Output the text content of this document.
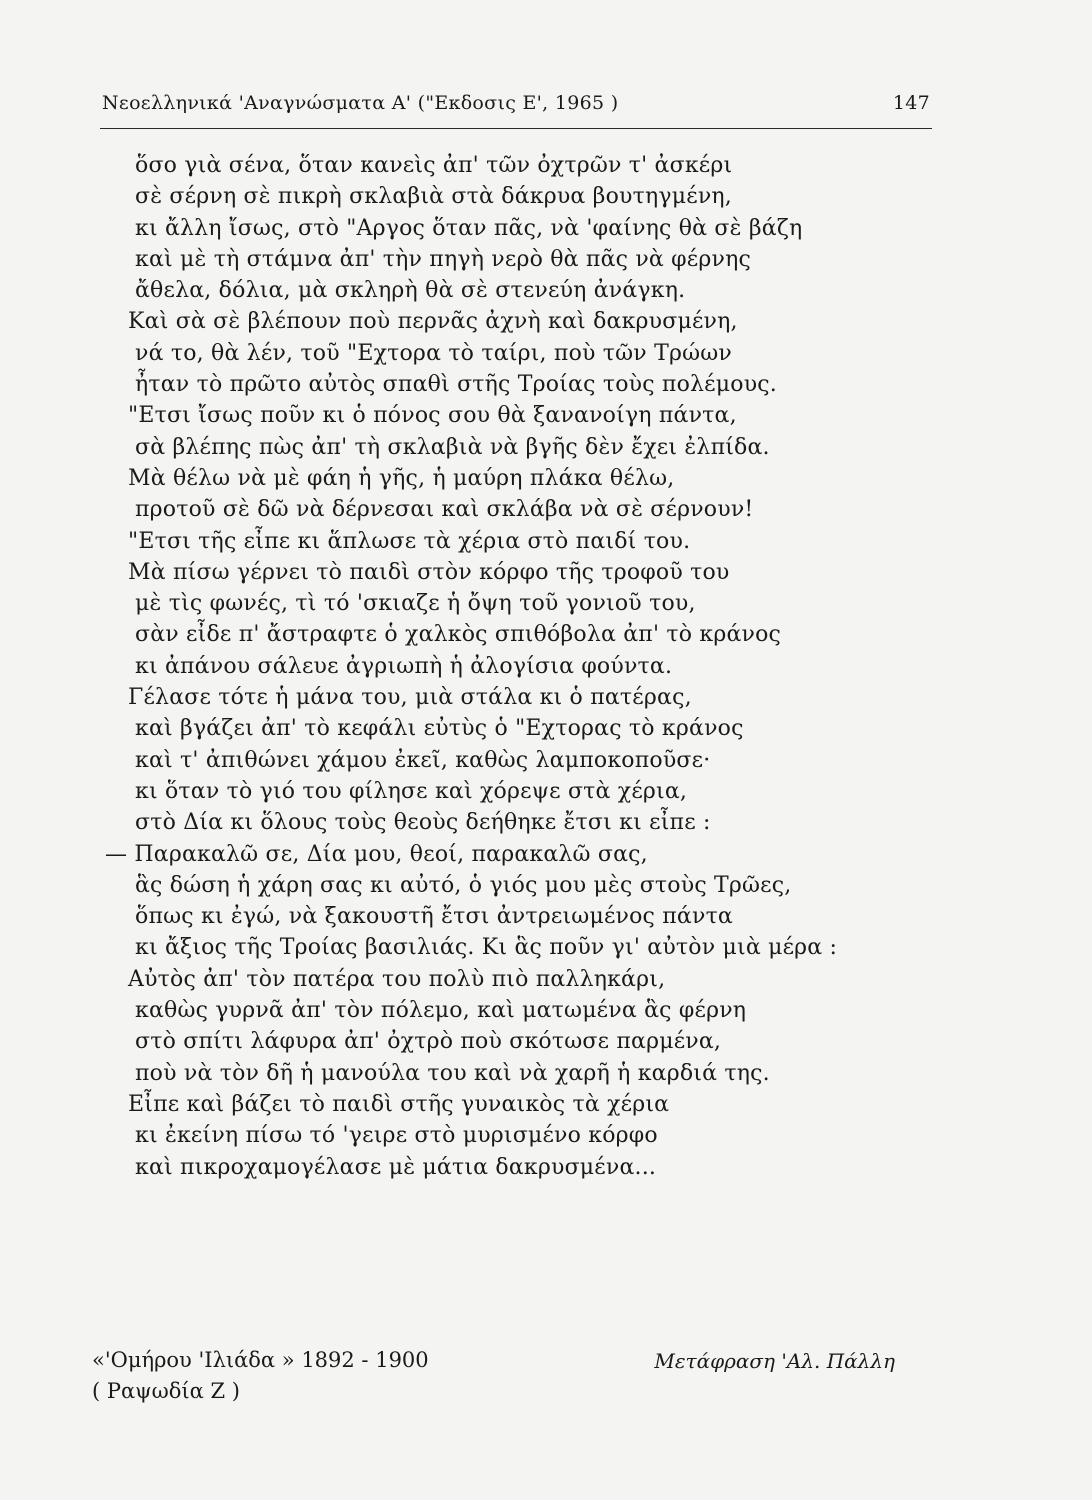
Νεοελληνικά 'Αναγνώσματα Α' ("Εκδοσις Ε', 1965 )	147
ὅσο γιὰ σένα, ὅταν κανεὶς ἀπ' τῶν ὀχτρῶν τ' ἀσκέρι
σὲ σέρνη σὲ πικρὴ σκλαβιὰ στὰ δάκρυα βουτηγμένη,
κι ἄλλη ἴσως, στὸ "Αργος ὅταν πᾶς, νὰ 'φαίνης θὰ σὲ βάζη
καὶ μὲ τὴ στάμνα ἀπ' τὴν πηγὴ νερὸ θὰ πᾶς νὰ φέρνης
ἄθελα, δόλια, μὰ σκληρὴ θὰ σὲ στενεύη ἀνάγκη.
Καὶ σὰ σὲ βλέπουν ποὺ περνᾶς ἀχνὴ καὶ δακρυσμένη,
νά το, θὰ λέν, τοῦ "Εχτορα τὸ ταίρι, ποὺ τῶν Τρώων
ἦταν τὸ πρῶτο αὐτὸς σπαθὶ στῆς Τροίας τοὺς πολέμους.
"Ετσι ἴσως ποῦν κι ὁ πόνος σου θὰ ξανανοίγη πάντα,
σὰ βλέπης πὼς ἀπ' τὴ σκλαβιὰ νὰ βγῆς δὲν ἔχει ἐλπίδα.
Μὰ θέλω νὰ μὲ φάη ἡ γῆς, ἡ μαύρη πλάκα θέλω,
προτοῦ σὲ δῶ νὰ δέρνεσαι καὶ σκλάβα νὰ σὲ σέρνουν!
"Ετσι τῆς εἶπε κι ἅπλωσε τὰ χέρια στὸ παιδί του.
Μὰ πίσω γέρνει τὸ παιδὶ στὸν κόρφο τῆς τροφοῦ του
μὲ τὶς φωνές, τὶ τό 'σκιαζε ἡ ὄψη τοῦ γονιοῦ του,
σὰν εἶδε π' ἄστραφτε ὁ χαλκὸς σπιθόβολα ἀπ' τὸ κράνος
κι ἀπάνου σάλευε ἀγριωπὴ ἡ ἀλογίσια φούντα.
Γέλασε τότε ἡ μάνα του, μιὰ στάλα κι ὁ πατέρας,
καὶ βγάζει ἀπ' τὸ κεφάλι εὐτὺς ὁ "Εχτορας τὸ κράνος
καὶ τ' ἀπιθώνει χάμου ἐκεῖ, καθὼς λαμποκοποῦσε·
κι ὅταν τὸ γιό του φίλησε καὶ χόρεψε στὰ χέρια,
στὸ Δία κι ὅλους τοὺς θεοὺς δεήθηκε ἔτσι κι εἶπε :
— Παρακαλῶ σε, Δία μου, θεοί, παρακαλῶ σας,
ἃς δώση ἡ χάρη σας κι αὐτό, ὁ γιός μου μὲς στοὺς Τρῶες,
ὅπως κι ἐγώ, νὰ ξακουστῆ ἔτσι ἀντρειωμένος πάντα
κι ἄξιος τῆς Τροίας βασιλιάς. Κι ἃς ποῦν γι' αὐτὸν μιὰ μέρα :
Αὐτὸς ἀπ' τὸν πατέρα του πολὺ πιὸ παλληκάρι,
καθὼς γυρνᾶ ἀπ' τὸν πόλεμο, καὶ ματωμένα ἃς φέρνη
στὸ σπίτι λάφυρα ἀπ' ὀχτρὸ ποὺ σκότωσε παρμένα,
ποὺ νὰ τὸν δῆ ἡ μανούλα του καὶ νὰ χαρῆ ἡ καρδιά της.
Εἶπε καὶ βάζει τὸ παιδὶ στῆς γυναικὸς τὰ χέρια
κι ἐκείνη πίσω τό 'γειρε στὸ μυρισμένο κόρφο
καὶ πικροχαμογέλασε μὲ μάτια δακρυσμένα...
«'Ομήρου 'Ιλιάδα » 1892 - 1900
( Ραψωδία Ζ )
Μετάφραση 'Αλ. Πάλλη
